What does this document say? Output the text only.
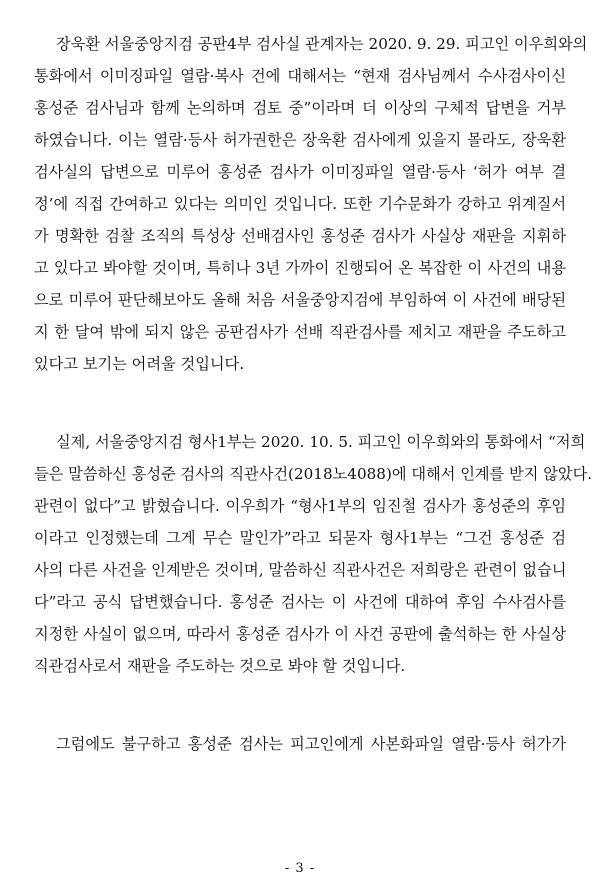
장욱환 서울중앙지검 공판4부 검사실 관계자는 2020. 9. 29. 피고인 이우희와의
통화에서 이미징파일 열람·복사 건에 대해서는 “현재 검사님께서 수사검사이신
홍성준 검사님과 함께 논의하며 검토 중”이라며 더 이상의 구체적 답변을 거부
하였습니다. 이는 열람·등사 허가권한은 장욱환 검사에게 있을지 몰라도, 장욱환
검사실의 답변으로 미루어 홍성준 검사가 이미징파일 열람·등사 ‘허가 여부 결
정’에 직접 간여하고 있다는 의미인 것입니다. 또한 기수문화가 강하고 위계질서
가 명확한 검찰 조직의 특성상 선배검사인 홍성준 검사가 사실상 재판을 지휘하
고 있다고 봐야할 것이며, 특히나 3년 가까이 진행되어 온 복잡한 이 사건의 내용
으로 미루어 판단해보아도 올해 처음 서울중앙지검에 부임하여 이 사건에 배당된
지 한 달여 밖에 되지 않은 공판검사가 선배 직관검사를 제치고 재판을 주도하고
있다고 보기는 어려울 것입니다.
실제, 서울중앙지검 형사1부는 2020. 10. 5. 피고인 이우희와의 통화에서 “저희
들은 말씀하신 홍성준 검사의 직관사건(2018노4088)에 대해서 인계를 받지 않았다.
관련이 없다”고 밝혔습니다. 이우희가 “형사1부의 임진철 검사가 홍성준의 후임
이라고 인정했는데 그게 무슨 말인가”라고 되묻자 형사1부는 “그건 홍성준 검
사의 다른 사건을 인계받은 것이며, 말씀하신 직관사건은 저희랑은 관련이 없습니
다”라고 공식 답변했습니다. 홍성준 검사는 이 사건에 대하여 후임 수사검사를
지정한 사실이 없으며, 따라서 홍성준 검사가 이 사건 공판에 출석하는 한 사실상
직관검사로서 재판을 주도하는 것으로 봐야 할 것입니다.
그럼에도 불구하고 홍성준 검사는 피고인에게 사본화파일 열람·등사 허가가
- 3 -
